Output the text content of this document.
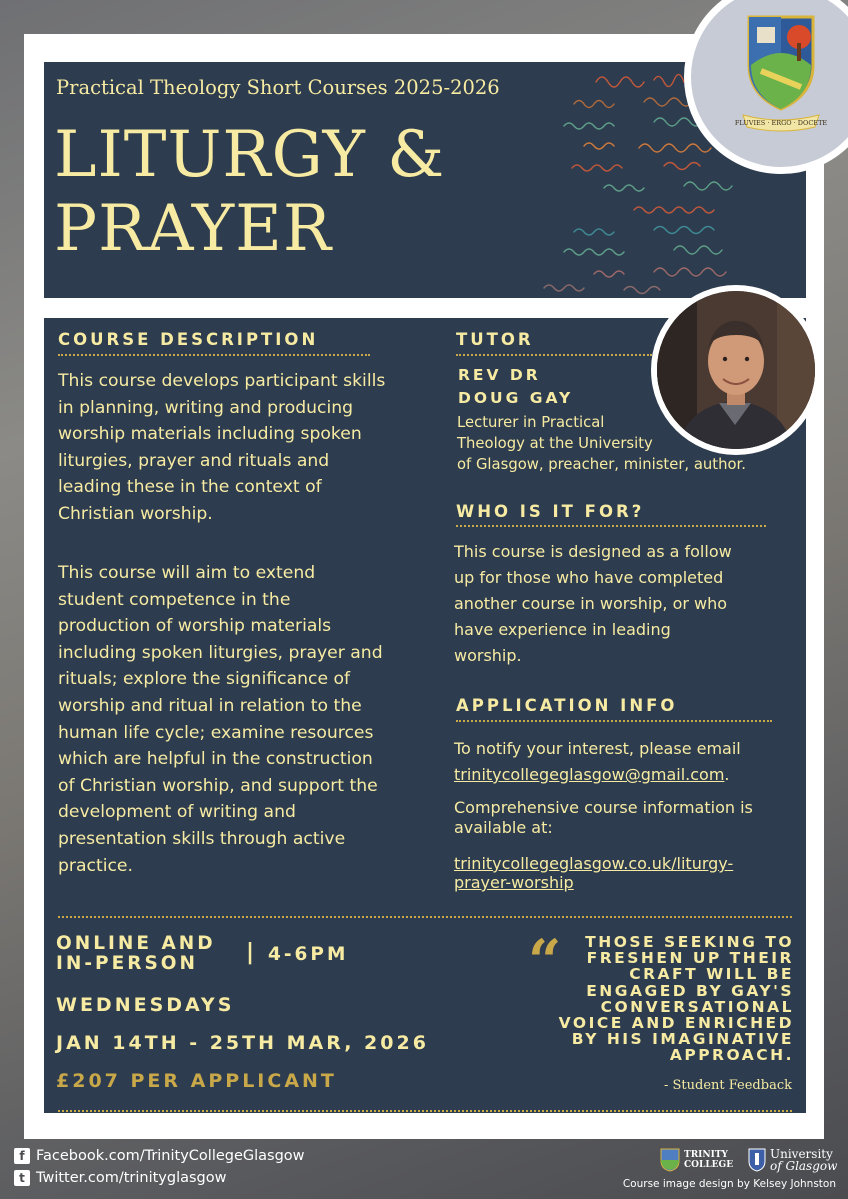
Practical Theology Short Courses 2025-2026
LITURGY &
PRAYER
FLUVIES · ERGO · DOCETE
COURSE DESCRIPTION

This course develops participant skills
in planning, writing and producing
worship materials including spoken
liturgies, prayer and rituals and
leading these in the context of
Christian worship.

This course will aim to extend
student competence in the
production of worship materials
including spoken liturgies, prayer and
rituals; explore the significance of
worship and ritual in relation to the
human life cycle; examine resources
which are helpful in the construction
of Christian worship, and support the
development of writing and
presentation skills through active
practice.

TUTOR
REV DR
DOUG GAY

Lecturer in Practical
Theology at the University
of Glasgow, preacher, minister, author.

WHO IS IT FOR?

This course is designed as a follow
up for those who have completed
another course in worship, or who
have experience in leading
worship.

APPLICATION INFO
To notify your interest, please email
trinitycollegeglasgow@gmail.com.

Comprehensive course information is
available at:

trinitycollegeglasgow.co.uk/liturgy-
prayer-worship
ONLINE AND
IN-PERSON	| 4-6PM
WEDNESDAYS
JAN 14TH - 25TH MAR, 2026
£207 PER APPLICANT
“	THOSE SEEKING TO
FRESHEN UP THEIR
CRAFT WILL BE
ENGAGED BY GAY'S
CONVERSATIONAL
VOICE AND ENRICHED
BY HIS IMAGINATIVE
APPROACH.

- Student Feedback
f Facebook.com/TrinityCollegeGlasgow
t Twitter.com/trinityglasgow
TRINITY
COLLEGE
University
of Glasgow
Course image design by Kelsey Johnston
